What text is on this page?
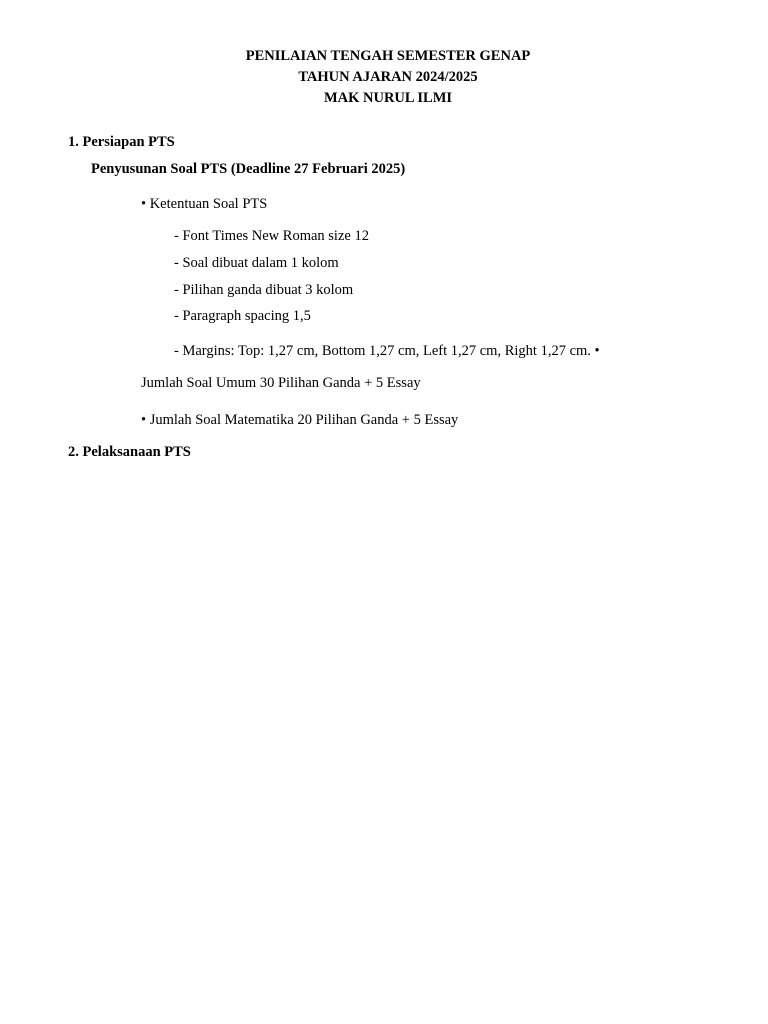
PENILAIAN TENGAH SEMESTER GENAP
TAHUN AJARAN 2024/2025
MAK NURUL ILMI
1. Persiapan PTS
Penyusunan Soal PTS (Deadline 27 Februari 2025)
• Ketentuan Soal PTS
- Font Times New Roman size 12
- Soal dibuat dalam 1 kolom
- Pilihan ganda dibuat 3 kolom
- Paragraph spacing 1,5
- Margins: Top: 1,27 cm, Bottom 1,27 cm, Left 1,27 cm, Right 1,27 cm. •
Jumlah Soal Umum 30 Pilihan Ganda + 5 Essay
• Jumlah Soal Matematika 20 Pilihan Ganda + 5 Essay
2. Pelaksanaan PTS
